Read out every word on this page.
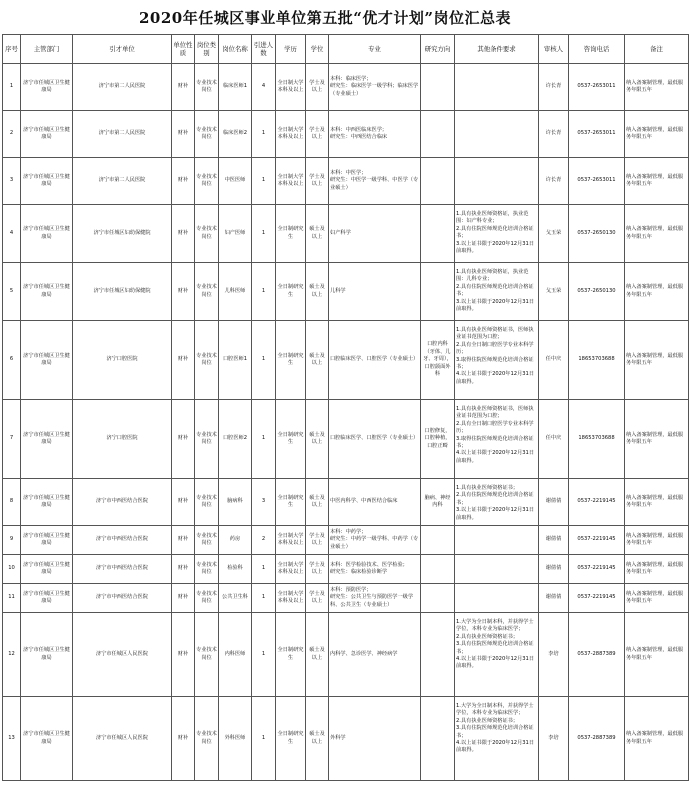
2020年任城区事业单位第五批“优才计划”岗位汇总表
序号	主管部门	引才单位	单位性质	岗位类别	岗位名称	引进人数	学历	学位	专业	研究方向	其他条件要求	审核人	咨询电话	备注
1	济宁市任城区卫生健康局	济宁市第二人民医院	财补	专业技术岗位	临床医师1	4	全日制大学本科及以上	学士及以上	本科：临床医学；
研究生：临床医学一级学科；临床医学（专业硕士）			许长青	0537-2653011	纳入备案制管理，最低服务年限五年
2	济宁市任城区卫生健康局	济宁市第二人民医院	财补	专业技术岗位	临床医师2	1	全日制大学本科及以上	学士及以上	本科：中西医临床医学；
研究生：中西医结合临床			许长青	0537-2653011	纳入备案制管理，最低服务年限五年
3	济宁市任城区卫生健康局	济宁市第二人民医院	财补	专业技术岗位	中医医师	1	全日制大学本科及以上	学士及以上	本科：中医学；
研究生：中医学一级学科、中医学（专业硕士）			许长青	0537-2653011	纳入备案制管理，最低服务年限五年
4	济宁市任城区卫生健康局	济宁市任城区妇幼保健院	财补	专业技术岗位	妇产医师	1	全日制研究生	硕士及以上	妇产科学		1.具有执业医师资格证，执业范围：妇产科专业；
2.具有住院医师规范化培训合格证书；
3.以上证书限于2020年12月31日前取得。	戈玉荣	0537-2650130	纳入备案制管理，最低服务年限五年
5	济宁市任城区卫生健康局	济宁市任城区妇幼保健院	财补	专业技术岗位	儿科医师	1	全日制研究生	硕士及以上	儿科学		1.具有执业医师资格证，执业范围：儿科专业；
2.具有住院医师规范化培训合格证书；
3.以上证书限于2020年12月31日前取得。	戈玉荣	0537-2650130	纳入备案制管理，最低服务年限五年
6	济宁市任城区卫生健康局	济宁口腔医院	财补	专业技术岗位	口腔医师1	1	全日制研究生	硕士及以上	口腔临床医学、口腔医学（专业硕士）	口腔内科（牙体、儿牙、牙周），口腔颌面外科	1.具有执业医师资格证书，医师执业证书范围为口腔；
2.具有全日制口腔医学专业本科学历；
3.取得住院医师规范化培训合格证书；
4.以上证书限于2020年12月31日前取得。	任中庆	18653703688	纳入备案制管理，最低服务年限五年
7	济宁市任城区卫生健康局	济宁口腔医院	财补	专业技术岗位	口腔医师2	1	全日制研究生	硕士及以上	口腔临床医学、口腔医学（专业硕士）	口腔修复，口腔种植，口腔正畸	1.具有执业医师资格证书，医师执业证书范围为口腔；
2.具有全日制口腔医学专业本科学历；
3.取得住院医师规范化培训合格证书；
4.以上证书限于2020年12月31日前取得。	任中庆	18653703688	纳入备案制管理，最低服务年限五年
8	济宁市任城区卫生健康局	济宁市中西医结合医院	财补	专业技术岗位	脑病科	3	全日制研究生	硕士及以上	中医内科学、中西医结合临床	脑病、神经内科	1.具有执业医师资格证书；
2.具有住院医师规范化培训合格证书；
3.以上证书限于2020年12月31日前取得。	谢倩倩	0537-2219145	纳入备案制管理，最低服务年限五年
9	济宁市任城区卫生健康局	济宁市中西医结合医院	财补	专业技术岗位	药房	2	全日制大学本科及以上	学士及以上	本科：中药学；
研究生：中药学一级学科、中药学（专业硕士）			谢倩倩	0537-2219145	纳入备案制管理，最低服务年限五年
10	济宁市任城区卫生健康局	济宁市中西医结合医院	财补	专业技术岗位	检验科	1	全日制大学本科及以上	学士及以上	本科：医学检验技术、医学检验；
研究生：临床检验诊断学			谢倩倩	0537-2219145	纳入备案制管理，最低服务年限五年
11	济宁市任城区卫生健康局	济宁市中西医结合医院	财补	专业技术岗位	公共卫生科	1	全日制大学本科及以上	学士及以上	本科：预防医学；
研究生：公共卫生与预防医学一级学科、公共卫生（专业硕士）			谢倩倩	0537-2219145	纳入备案制管理，最低服务年限五年
12	济宁市任城区卫生健康局	济宁市任城区人民医院	财补	专业技术岗位	内科医师	1	全日制研究生	硕士及以上	内科学、急诊医学、神经病学		1.大学为全日制本科，并获得学士学位，本科专业为临床医学；
2.具有执业医师资格证书；
3.具有住院医师规范化培训合格证书；
4.以上证书限于2020年12月31日前取得。	李培	0537-2887389	纳入备案制管理，最低服务年限五年
13	济宁市任城区卫生健康局	济宁市任城区人民医院	财补	专业技术岗位	外科医师	1	全日制研究生	硕士及以上	外科学		1.大学为全日制本科，并获得学士学位，本科专业为临床医学；
2.具有执业医师资格证书；
3.具有住院医师规范化培训合格证书；
4.以上证书限于2020年12月31日前取得。	李培	0537-2887389	纳入备案制管理，最低服务年限五年
